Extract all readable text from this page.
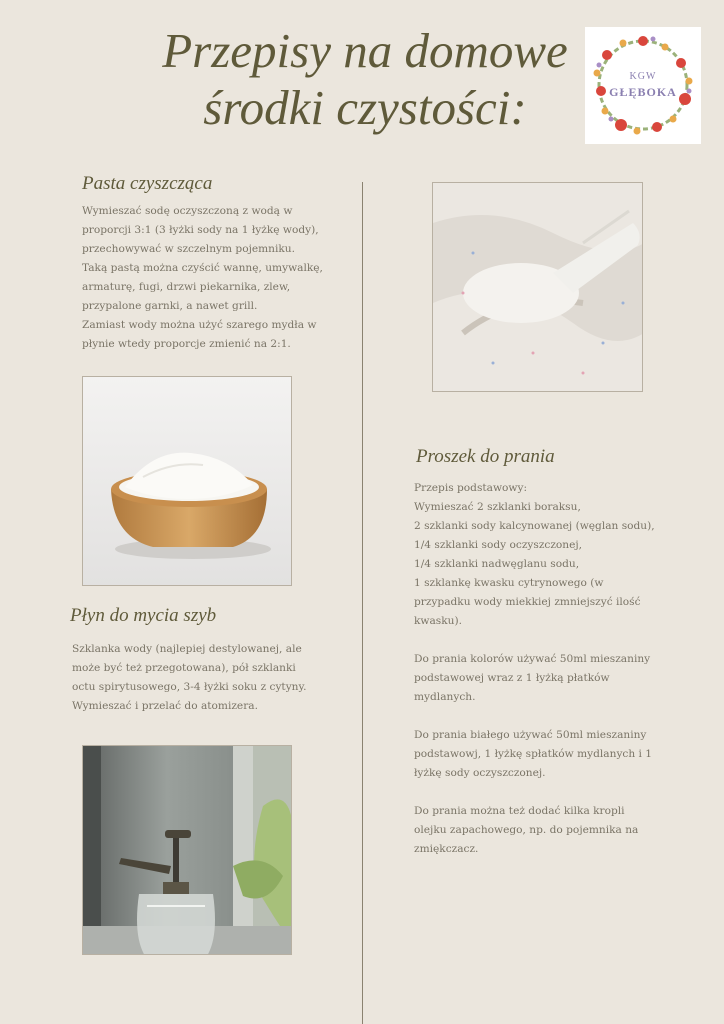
Przepisy na domowe
środki czystości:
KGW
GŁĘBOKA
Pasta czyszcząca
Wymieszać sodę oczyszczoną z wodą w
proporcji 3:1 (3 łyżki sody na 1 łyżkę wody),
przechowywać w szczelnym pojemniku.
Taką pastą można czyścić wannę, umywalkę,
armaturę, fugi, drzwi piekarnika, zlew,
przypalone garnki, a nawet grill.
Zamiast wody można użyć szarego mydła w
płynie wtedy proporcje zmienić na 2:1.
Płyn do mycia szyb
Szklanka wody (najlepiej destylowanej, ale
może być też przegotowana), pół szklanki
octu spirytusowego, 3-4 łyżki soku z cytyny.
Wymieszać i przelać do atomizera.
Proszek do prania
Przepis podstawowy:
Wymieszać 2 szklanki boraksu,
2 szklanki sody kalcynowanej (węglan sodu),
1/4 szklanki sody oczyszczonej,
1/4 szklanki nadwęglanu sodu,
1 szklankę kwasku cytrynowego (w
przypadku wody miekkiej zmniejszyć ilość
kwasku).
Do prania kolorów używać 50ml mieszaniny
podstawowej wraz z 1 łyżką płatków
mydlanych.
Do prania białego używać 50ml mieszaniny
podstawowj, 1 łyżkę spłatków mydlanych i 1
łyżkę sody oczyszczonej.
Do prania można też dodać kilka kropli
olejku zapachowego, np. do pojemnika na
zmiękczacz.
